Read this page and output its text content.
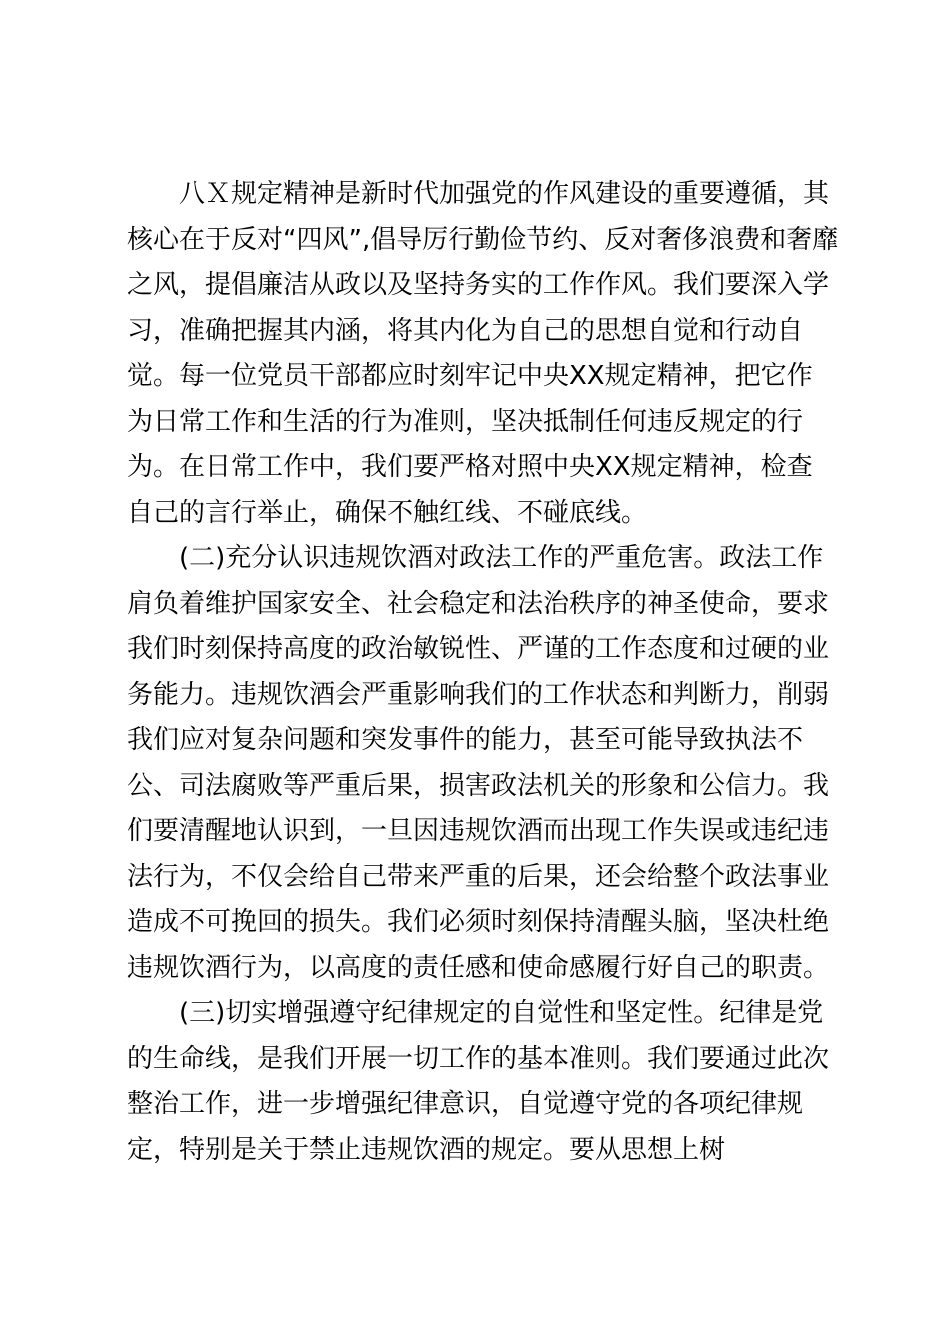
八Ｘ规定精神是新时代加强党的作风建设的重要遵循，其
核心在于反对“四风”,倡导厉行勤俭节约、反对奢侈浪费和奢靡
之风，提倡廉洁从政以及坚持务实的工作作风。我们要深入学
习，准确把握其内涵，将其内化为自己的思想自觉和行动自
觉。每一位党员干部都应时刻牢记中央XX规定精神，把它作
为日常工作和生活的行为准则，坚决抵制任何违反规定的行
为。在日常工作中，我们要严格对照中央XX规定精神，检查
自己的言行举止，确保不触红线、不碰底线。
(二)充分认识违规饮酒对政法工作的严重危害。政法工作
肩负着维护国家安全、社会稳定和法治秩序的神圣使命，要求
我们时刻保持高度的政治敏锐性、严谨的工作态度和过硬的业
务能力。违规饮酒会严重影响我们的工作状态和判断力，削弱
我们应对复杂问题和突发事件的能力，甚至可能导致执法不
公、司法腐败等严重后果，损害政法机关的形象和公信力。我
们要清醒地认识到，一旦因违规饮酒而出现工作失误或违纪违
法行为，不仅会给自己带来严重的后果，还会给整个政法事业
造成不可挽回的损失。我们必须时刻保持清醒头脑，坚决杜绝
违规饮酒行为，以高度的责任感和使命感履行好自己的职责。
(三)切实增强遵守纪律规定的自觉性和坚定性。纪律是党
的生命线，是我们开展一切工作的基本准则。我们要通过此次
整治工作，进一步增强纪律意识，自觉遵守党的各项纪律规
定，特别是关于禁止违规饮酒的规定。要从思想上树
